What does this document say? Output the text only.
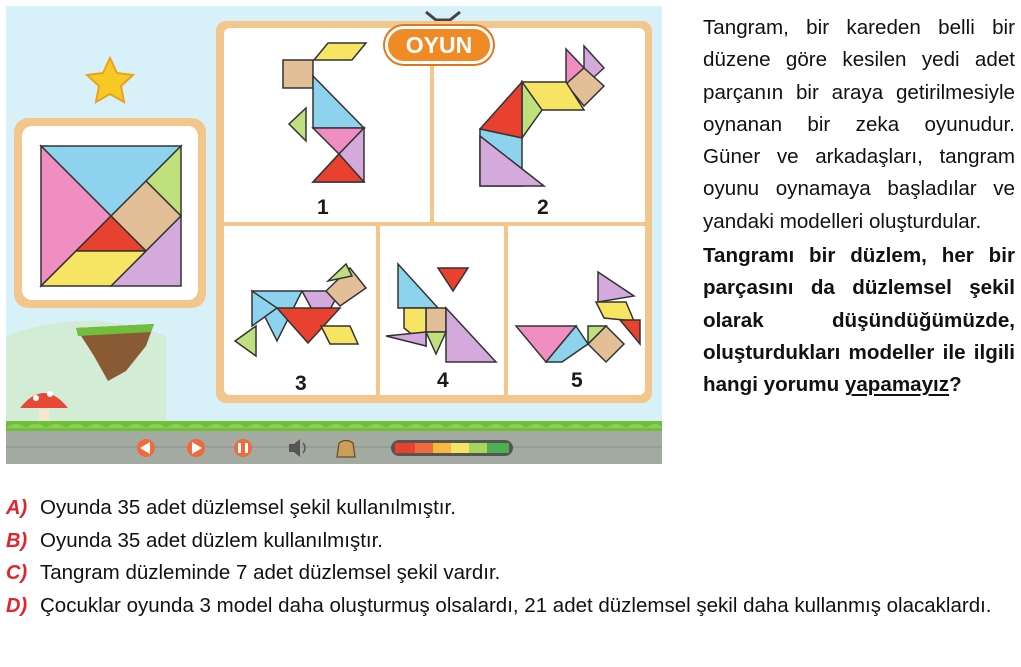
OYUN
1	2
3	4	5

Tangram, bir kareden belli bir düzene göre kesilen yedi adet parçanın bir araya getirilmesiyle oynanan bir zeka oyunudur. Güner ve arkadaşları, tangram oyunu oynamaya başladılar ve yandaki modelleri oluşturdular.

Tangramı bir düzlem, her bir parçasını da düzlemsel şekil olarak düşündüğümüzde, oluşturdukları modeller ile ilgili hangi yorumu yapamayız?

A) Oyunda 35 adet düzlemsel şekil kullanılmıştır.
B) Oyunda 35 adet düzlem kullanılmıştır.
C) Tangram düzleminde 7 adet düzlemsel şekil vardır.
D) Çocuklar oyunda 3 model daha oluşturmuş olsalardı, 21 adet düzlemsel şekil daha kullanmış olacaklardı.
